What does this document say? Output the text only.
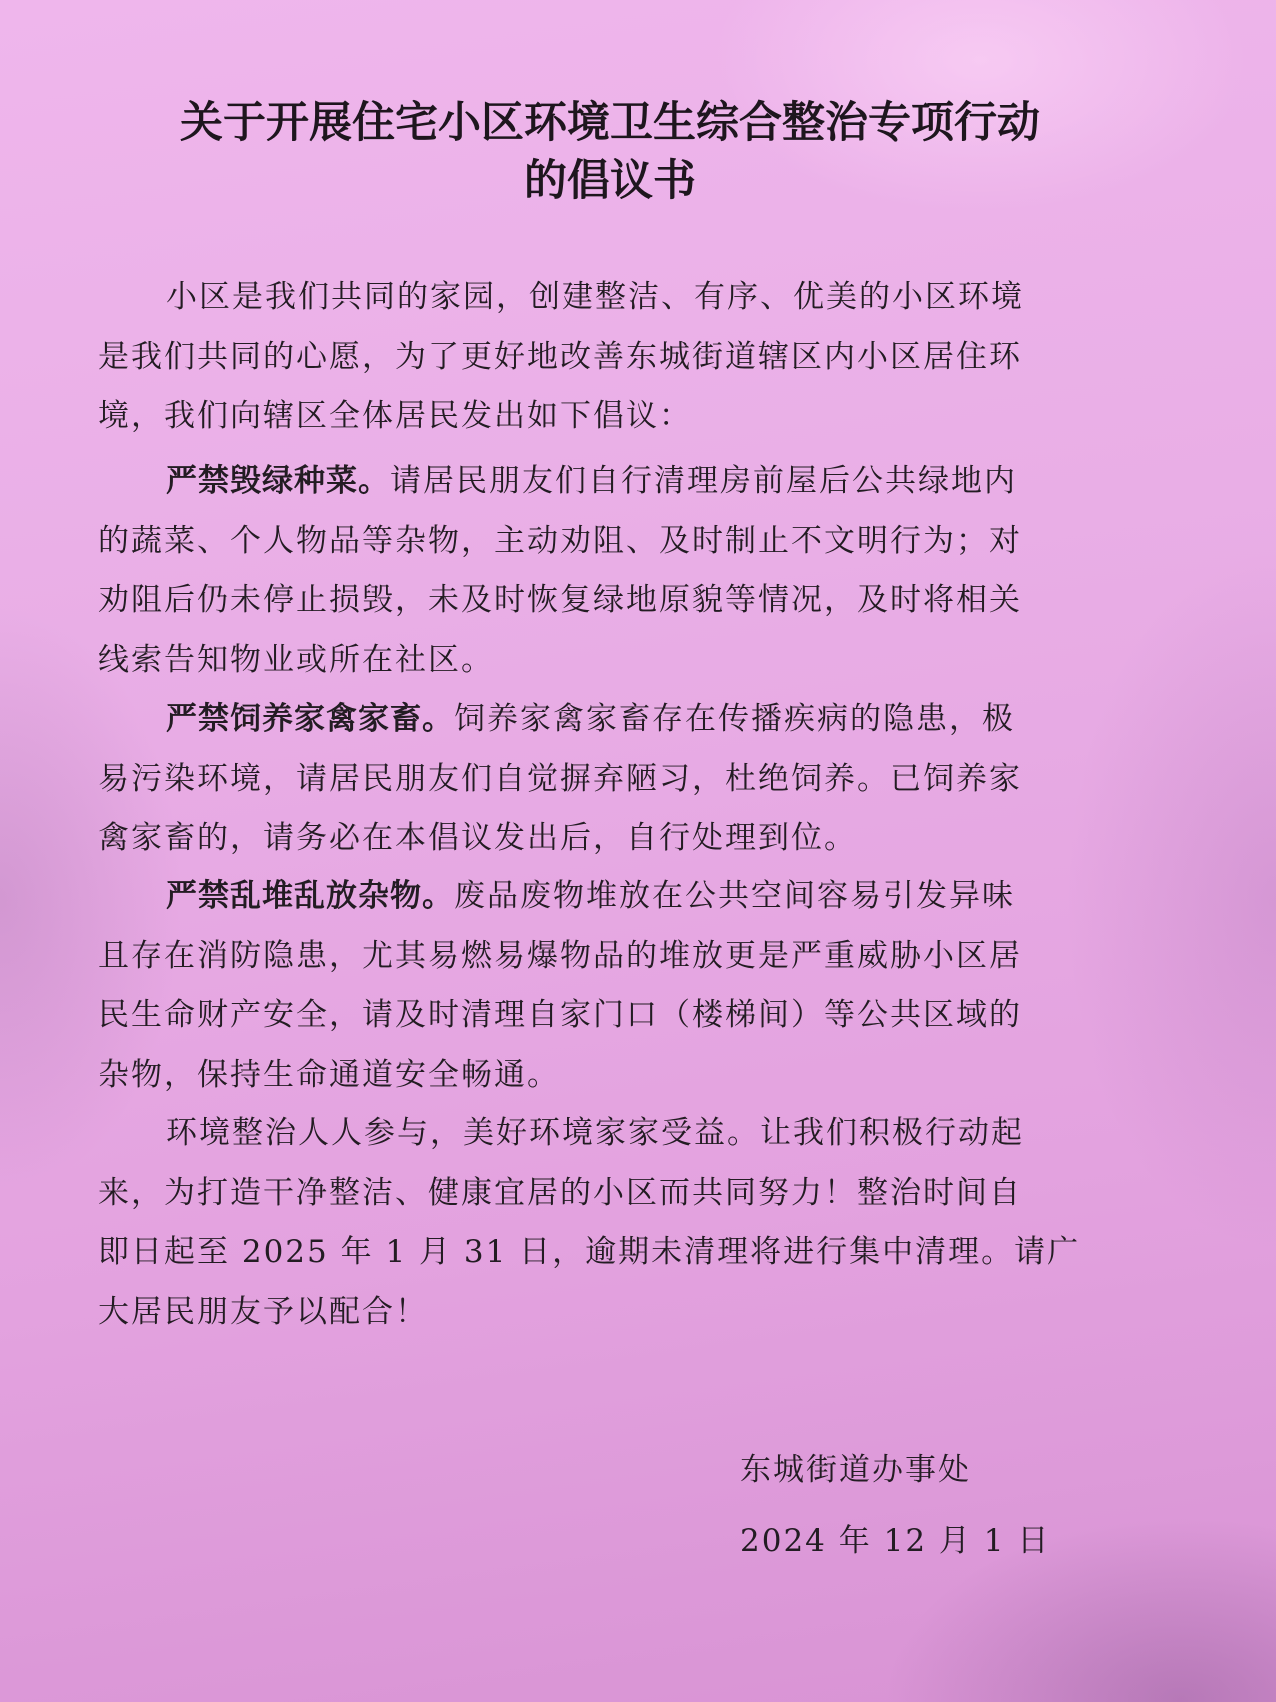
关于开展住宅小区环境卫生综合整治专项行动
的倡议书
小区是我们共同的家园，创建整洁、有序、优美的小区环境
是我们共同的心愿，为了更好地改善东城街道辖区内小区居住环
境，我们向辖区全体居民发出如下倡议：
严禁毁绿种菜。请居民朋友们自行清理房前屋后公共绿地内
的蔬菜、个人物品等杂物，主动劝阻、及时制止不文明行为；对
劝阻后仍未停止损毁，未及时恢复绿地原貌等情况，及时将相关
线索告知物业或所在社区。
严禁饲养家禽家畜。饲养家禽家畜存在传播疾病的隐患，极
易污染环境，请居民朋友们自觉摒弃陋习，杜绝饲养。已饲养家
禽家畜的，请务必在本倡议发出后，自行处理到位。
严禁乱堆乱放杂物。废品废物堆放在公共空间容易引发异味
且存在消防隐患，尤其易燃易爆物品的堆放更是严重威胁小区居
民生命财产安全，请及时清理自家门口（楼梯间）等公共区域的
杂物，保持生命通道安全畅通。
环境整治人人参与，美好环境家家受益。让我们积极行动起
来，为打造干净整洁、健康宜居的小区而共同努力！整治时间自
即日起至 2025 年 1 月 31 日，逾期未清理将进行集中清理。请广
大居民朋友予以配合！
东城街道办事处
2024 年 12 月 1 日
